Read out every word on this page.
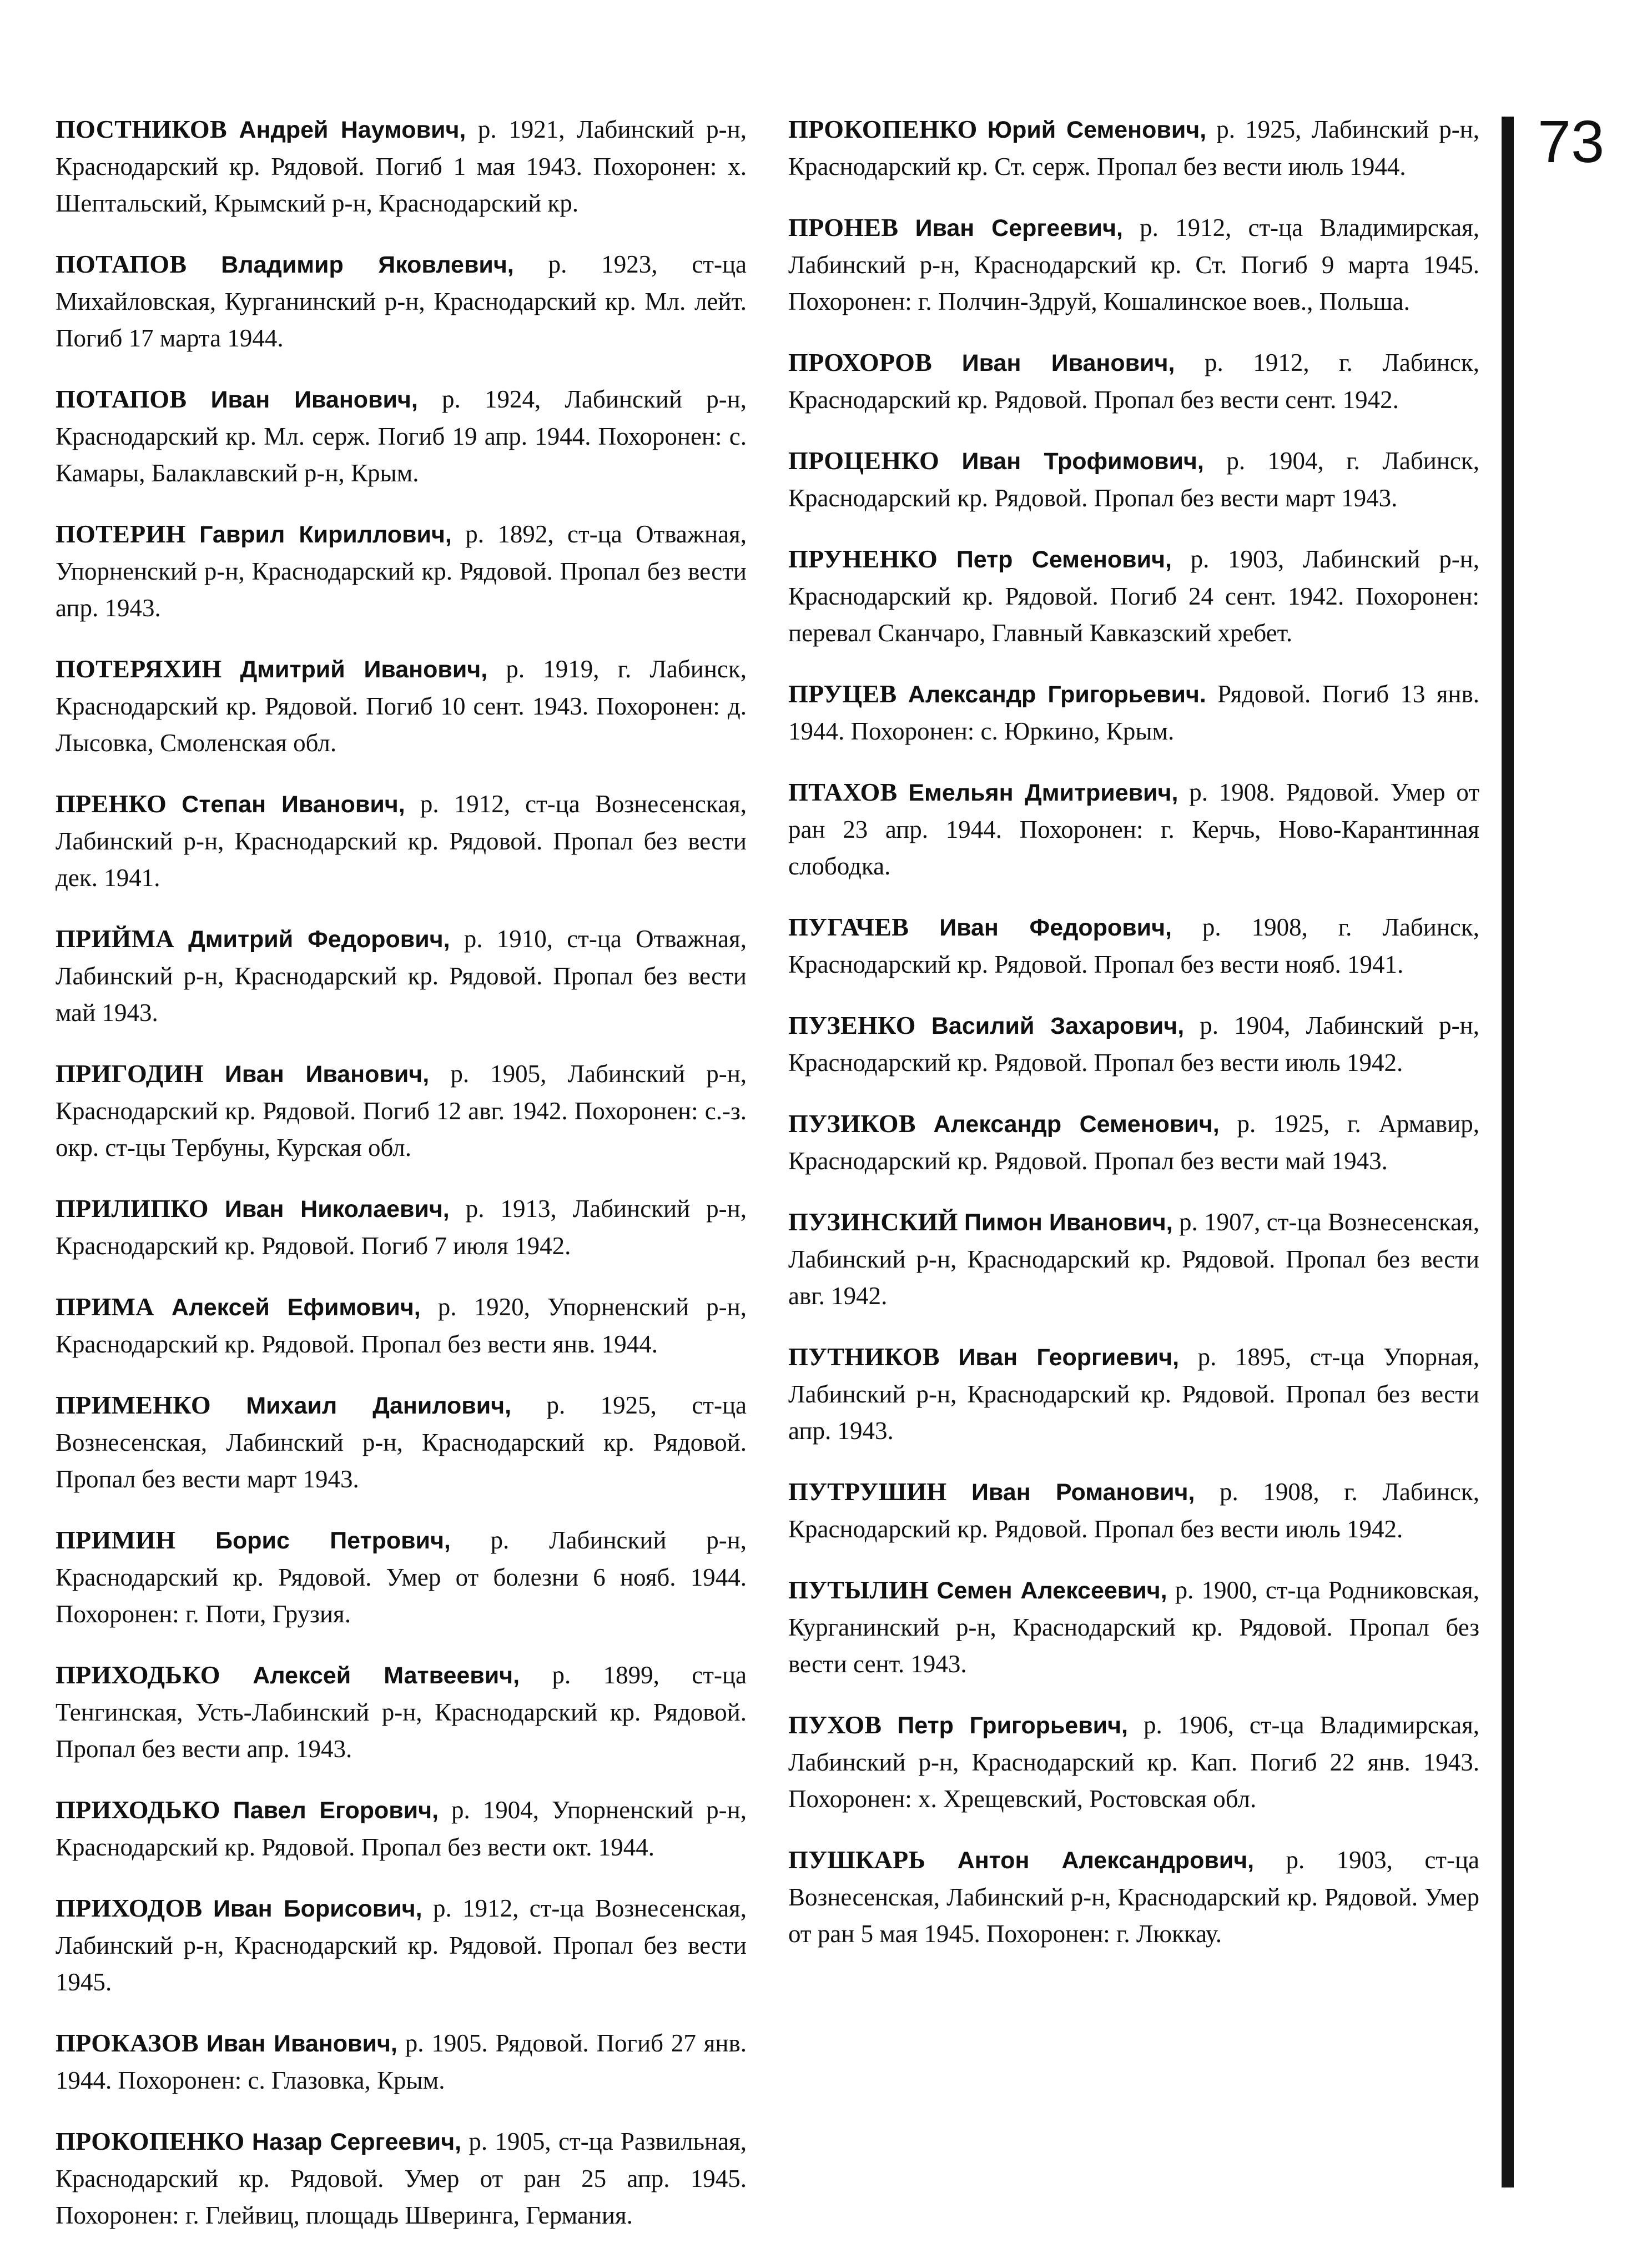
ПОСТНИКОВ Андрей Наумович, р. 1921, Лабинский р-н, Краснодарский кр. Рядовой. Погиб 1 мая 1943. Похоронен: х. Шептальский, Крымский р-н, Краснодарский кр.

ПОТАПОВ Владимир Яковлевич, р. 1923, ст-ца Михайловская, Курганинский р-н, Краснодарский кр. Мл. лейт. Погиб 17 марта 1944.

ПОТАПОВ Иван Иванович, р. 1924, Лабинский р-н, Краснодарский кр. Мл. серж. Погиб 19 апр. 1944. Похоронен: с. Камары, Балаклавский р-н, Крым.

ПОТЕРИН Гаврил Кириллович, р. 1892, ст-ца Отважная, Упорненский р-н, Краснодарский кр. Рядовой. Пропал без вести апр. 1943.

ПОТЕРЯХИН Дмитрий Иванович, р. 1919, г. Лабинск, Краснодарский кр. Рядовой. Погиб 10 сент. 1943. Похоронен: д. Лысовка, Смоленская обл.

ПРЕНКО Степан Иванович, р. 1912, ст-ца Вознесенская, Лабинский р-н, Краснодарский кр. Рядовой. Пропал без вести дек. 1941.

ПРИЙМА Дмитрий Федорович, р. 1910, ст-ца Отважная, Лабинский р-н, Краснодарский кр. Рядовой. Пропал без вести май 1943.

ПРИГОДИН Иван Иванович, р. 1905, Лабинский р-н, Краснодарский кр. Рядовой. Погиб 12 авг. 1942. Похоронен: с.-з. окр. ст-цы Тербуны, Курская обл.

ПРИЛИПКО Иван Николаевич, р. 1913, Лабинский р-н, Краснодарский кр. Рядовой. Погиб 7 июля 1942.

ПРИМА Алексей Ефимович, р. 1920, Упорненский р-н, Краснодарский кр. Рядовой. Пропал без вести янв. 1944.

ПРИМЕНКО Михаил Данилович, р. 1925, ст-ца Вознесенская, Лабинский р-н, Краснодарский кр. Рядовой. Пропал без вести март 1943.

ПРИМИН Борис Петрович, р. Лабинский р-н, Краснодарский кр. Рядовой. Умер от болезни 6 нояб. 1944. Похоронен: г. Поти, Грузия.

ПРИХОДЬКО Алексей Матвеевич, р. 1899, ст-ца Тенгинская, Усть-Лабинский р-н, Краснодарский кр. Рядовой. Пропал без вести апр. 1943.

ПРИХОДЬКО Павел Егорович, р. 1904, Упорненский р-н, Краснодарский кр. Рядовой. Пропал без вести окт. 1944.

ПРИХОДОВ Иван Борисович, р. 1912, ст-ца Вознесенская, Лабинский р-н, Краснодарский кр. Рядовой. Пропал без вести 1945.

ПРОКАЗОВ Иван Иванович, р. 1905. Рядовой. Погиб 27 янв. 1944. Похоронен: с. Глазовка, Крым.

ПРОКОПЕНКО Назар Сергеевич, р. 1905, ст-ца Развильная, Краснодарский кр. Рядовой. Умер от ран 25 апр. 1945. Похоронен: г. Глейвиц, площадь Шверинга, Германия.

ПРОКОПЕНКО Юрий Семенович, р. 1925, Лабинский р-н, Краснодарский кр. Ст. серж. Пропал без вести июль 1944.

ПРОНЕВ Иван Сергеевич, р. 1912, ст-ца Владимирская, Лабинский р-н, Краснодарский кр. Ст. Погиб 9 марта 1945. Похоронен: г. Полчин-Здруй, Кошалинское воев., Польша.

ПРОХОРОВ Иван Иванович, р. 1912, г. Лабинск, Краснодарский кр. Рядовой. Пропал без вести сент. 1942.

ПРОЦЕНКО Иван Трофимович, р. 1904, г. Лабинск, Краснодарский кр. Рядовой. Пропал без вести март 1943.

ПРУНЕНКО Петр Семенович, р. 1903, Лабинский р-н, Краснодарский кр. Рядовой. Погиб 24 сент. 1942. Похоронен: перевал Сканчаро, Главный Кавказский хребет.

ПРУЦЕВ Александр Григорьевич. Рядовой. Погиб 13 янв. 1944. Похоронен: с. Юркино, Крым.

ПТАХОВ Емельян Дмитриевич, р. 1908. Рядовой. Умер от ран 23 апр. 1944. Похоронен: г. Керчь, Ново-Карантинная слободка.

ПУГАЧЕВ Иван Федорович, р. 1908, г. Лабинск, Краснодарский кр. Рядовой. Пропал без вести нояб. 1941.

ПУЗЕНКО Василий Захарович, р. 1904, Лабинский р-н, Краснодарский кр. Рядовой. Пропал без вести июль 1942.

ПУЗИКОВ Александр Семенович, р. 1925, г. Армавир, Краснодарский кр. Рядовой. Пропал без вести май 1943.

ПУЗИНСКИЙ Пимон Иванович, р. 1907, ст-ца Вознесенская, Лабинский р-н, Краснодарский кр. Рядовой. Пропал без вести авг. 1942.

ПУТНИКОВ Иван Георгиевич, р. 1895, ст-ца Упорная, Лабинский р-н, Краснодарский кр. Рядовой. Пропал без вести апр. 1943.

ПУТРУШИН Иван Романович, р. 1908, г. Лабинск, Краснодарский кр. Рядовой. Пропал без вести июль 1942.

ПУТЫЛИН Семен Алексеевич, р. 1900, ст-ца Родниковская, Курганинский р-н, Краснодарский кр. Рядовой. Пропал без вести сент. 1943.

ПУХОВ Петр Григорьевич, р. 1906, ст-ца Владимирская, Лабинский р-н, Краснодарский кр. Кап. Погиб 22 янв. 1943. Похоронен: х. Хрещевский, Ростовская обл.

ПУШКАРЬ Антон Александрович, р. 1903, ст-ца Вознесенская, Лабинский р-н, Краснодарский кр. Рядовой. Умер от ран 5 мая 1945. Похоронен: г. Люккау.

73
